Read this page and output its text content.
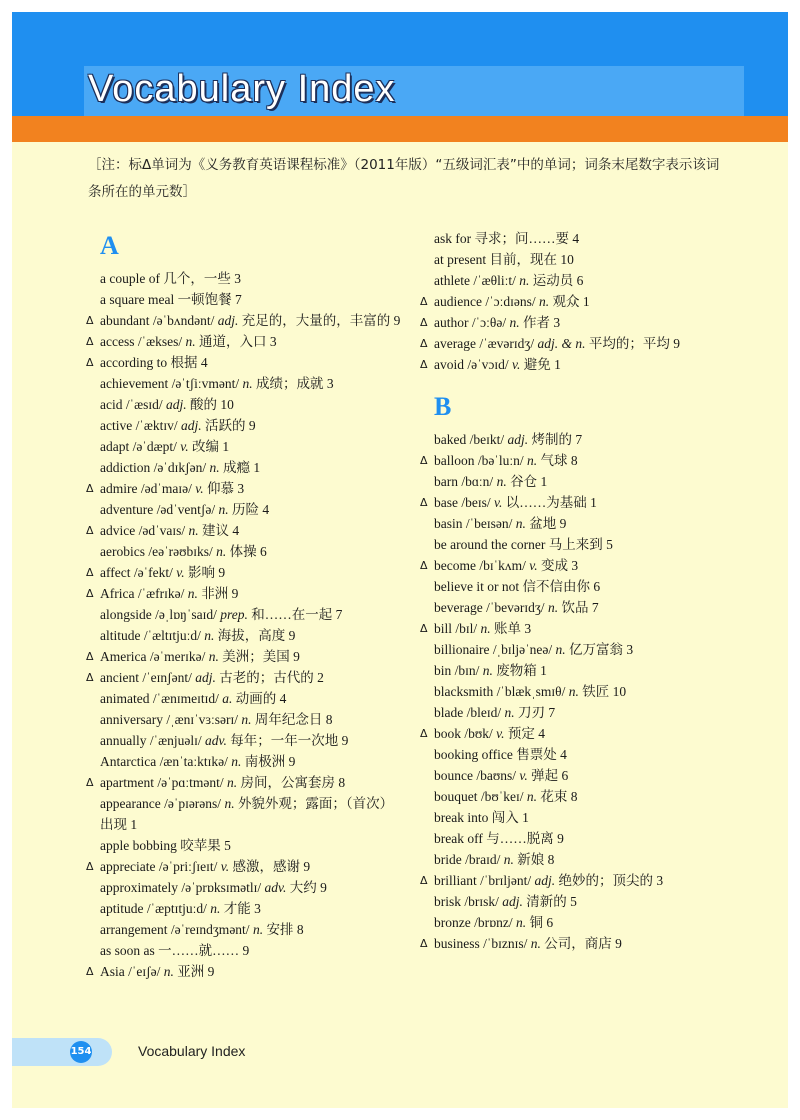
Vocabulary Index
［注：标Δ单词为《义务教育英语课程标准》（2011年版）“五级词汇表”中的单词；词条末尾数字表示该词条所在的单元数］
A
a couple of 几个，一些 3
a square meal 一顿饱餐 7
Δ abundant /əˈbʌndənt/ adj. 充足的，大量的，丰富的 9
Δ access /ˈækses/ n. 通道，入口 3
Δ according to 根据 4
achievement /əˈtʃiːvmənt/ n. 成绩；成就 3
acid /ˈæsɪd/ adj. 酸的 10
active /ˈæktɪv/ adj. 活跃的 9
adapt /əˈdæpt/ v. 改编 1
addiction /əˈdɪkʃən/ n. 成瘾 1
Δ admire /ədˈmaɪə/ v. 仰慕 3
adventure /ədˈventʃə/ n. 历险 4
Δ advice /ədˈvaɪs/ n. 建议 4
aerobics /eəˈrəʊbɪks/ n. 体操 6
Δ affect /əˈfekt/ v. 影响 9
Δ Africa /ˈæfrɪkə/ n. 非洲 9
alongside /əˌlɒŋˈsaɪd/ prep. 和……在一起 7
altitude /ˈæltɪtjuːd/ n. 海拔，高度 9
Δ America /əˈmerɪkə/ n. 美洲；美国 9
Δ ancient /ˈeɪnʃənt/ adj. 古老的；古代的 2
animated /ˈænɪmeɪtɪd/ a. 动画的 4
anniversary /ˌænɪˈvɜːsərɪ/ n. 周年纪念日 8
annually /ˈænjuəlɪ/ adv. 每年；一年一次地 9
Antarctica /ænˈtaːktɪkə/ n. 南极洲 9
Δ apartment /əˈpɑːtmənt/ n. 房间，公寓套房 8
appearance /əˈpɪərəns/ n. 外貌外观；露面；（首次）出现 1
apple bobbing 咬苹果 5
Δ appreciate /əˈpriːʃɪeɪt/ v. 感激，感谢 9
approximately /əˈprɒksɪmətlɪ/ adv. 大约 9
aptitude /ˈæptɪtjuːd/ n. 才能 3
arrangement /əˈreɪndʒmənt/ n. 安排 8
as soon as 一……就…… 9
Δ Asia /ˈeɪʃə/ n. 亚洲 9
ask for 寻求；问……要 4
at present 目前，现在 10
athlete /ˈæθliːt/ n. 运动员 6
Δ audience /ˈɔːdɪəns/ n. 观众 1
Δ author /ˈɔːθə/ n. 作者 3
Δ average /ˈævərɪdʒ/ adj. & n. 平均的；平均 9
Δ avoid /əˈvɔɪd/ v. 避免 1
B
baked /beɪkt/ adj. 烤制的 7
Δ balloon /bəˈluːn/ n. 气球 8
barn /bɑːn/ n. 谷仓 1
Δ base /beɪs/ v. 以……为基础 1
basin /ˈbeɪsən/ n. 盆地 9
be around the corner 马上来到 5
Δ become /bɪˈkʌm/ v. 变成 3
believe it or not 信不信由你 6
beverage /ˈbevərɪdʒ/ n. 饮品 7
Δ bill /bɪl/ n. 账单 3
billionaire /ˌbɪljəˈneə/ n. 亿万富翁 3
bin /bɪn/ n. 废物箱 1
blacksmith /ˈblækˌsmɪθ/ n. 铁匠 10
blade /bleɪd/ n. 刀刃 7
Δ book /bʊk/ v. 预定 4
booking office 售票处 4
bounce /baʊns/ v. 弹起 6
bouquet /bʊˈkeɪ/ n. 花束 8
break into 闯入 1
break off 与……脱离 9
bride /braɪd/ n. 新娘 8
Δ brilliant /ˈbrɪljənt/ adj. 绝妙的；顶尖的 3
brisk /brɪsk/ adj. 清新的 5
bronze /brɒnz/ n. 铜 6
Δ business /ˈbɪznɪs/ n. 公司，商店 9
154	Vocabulary Index
